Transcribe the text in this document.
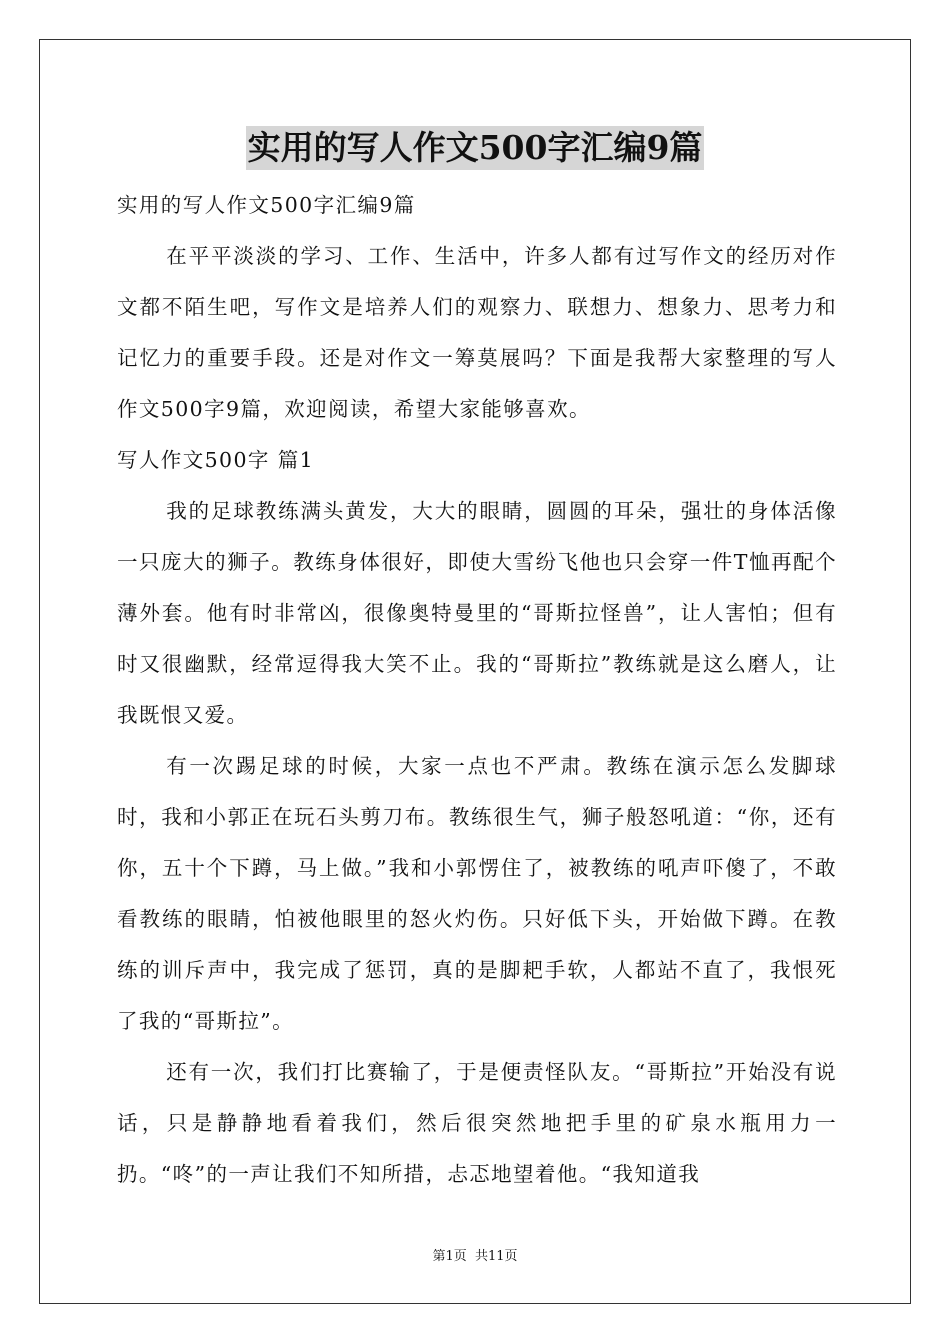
实用的写人作文500字汇编9篇

实用的写人作文500字汇编9篇

在平平淡淡的学习、工作、生活中，许多人都有过写作文的经历对作文都不陌生吧，写作文是培养人们的观察力、联想力、想象力、思考力和记忆力的重要手段。还是对作文一筹莫展吗？下面是我帮大家整理的写人作文500字9篇，欢迎阅读，希望大家能够喜欢。

写人作文500字 篇1

我的足球教练满头黄发，大大的眼睛，圆圆的耳朵，强壮的身体活像一只庞大的狮子。教练身体很好，即使大雪纷飞他也只会穿一件T恤再配个薄外套。他有时非常凶，很像奥特曼里的“哥斯拉怪兽”，让人害怕；但有时又很幽默，经常逗得我大笑不止。我的“哥斯拉”教练就是这么磨人，让我既恨又爱。

有一次踢足球的时候，大家一点也不严肃。教练在演示怎么发脚球时，我和小郭正在玩石头剪刀布。教练很生气，狮子般怒吼道：“你，还有你，五十个下蹲，马上做。”我和小郭愣住了，被教练的吼声吓傻了，不敢看教练的眼睛，怕被他眼里的怒火灼伤。只好低下头，开始做下蹲。在教练的训斥声中，我完成了惩罚，真的是脚耙手软，人都站不直了，我恨死了我的“哥斯拉”。

还有一次，我们打比赛输了，于是便责怪队友。“哥斯拉”开始没有说话，只是静静地看着我们，然后很突然地把手里的矿泉水瓶用力一扔。“咚”的一声让我们不知所措，忐忑地望着他。“我知道我

第1页 共11页
